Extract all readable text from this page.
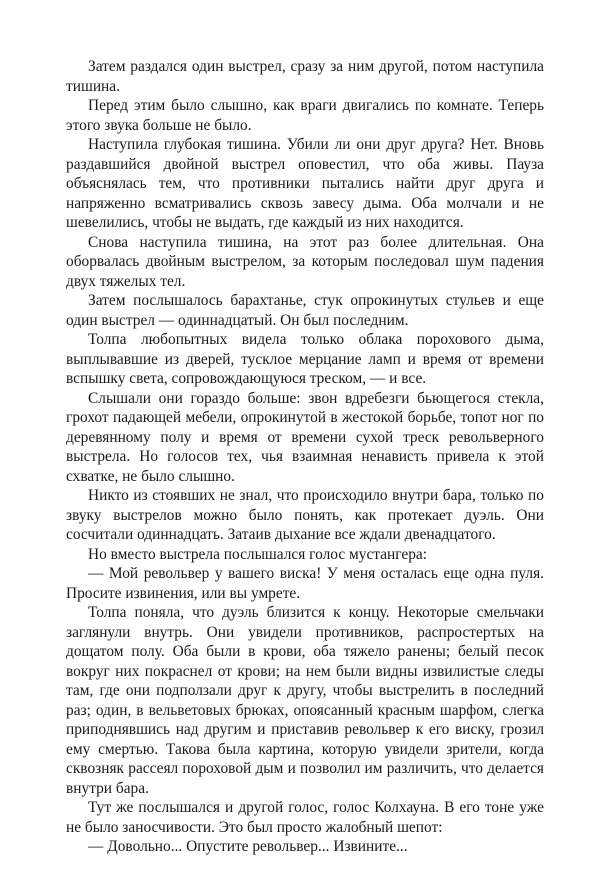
Затем раздался один выстрел, сразу за ним другой, потом наступила тишина.

Перед этим было слышно, как враги двигались по комнате. Теперь этого звука больше не было.

Наступила глубокая тишина. Убили ли они друг друга? Нет. Вновь раздавшийся двойной выстрел оповестил, что оба живы. Пауза объяснялась тем, что противники пытались найти друг друга и напряженно всматривались сквозь завесу дыма. Оба молчали и не шевелились, чтобы не выдать, где каждый из них находится.

Снова наступила тишина, на этот раз более длительная. Она оборвалась двойным выстрелом, за которым последовал шум падения двух тяжелых тел.

Затем послышалось барахтанье, стук опрокинутых стульев и еще один выстрел — одиннадцатый. Он был последним.

Толпа любопытных видела только облака порохового дыма, выплывавшие из дверей, тусклое мерцание ламп и время от времени вспышку света, сопровождающуюся треском, — и все.

Слышали они гораздо больше: звон вдребезги бьющегося стекла, грохот падающей мебели, опрокинутой в жестокой борьбе, топот ног по деревянному полу и время от времени сухой треск револьверного выстрела. Но голосов тех, чья взаимная ненависть привела к этой схватке, не было слышно.

Никто из стоявших не знал, что происходило внутри бара, только по звуку выстрелов можно было понять, как протекает дуэль. Они сосчитали одиннадцать. Затаив дыхание все ждали двенадцатого.

Но вместо выстрела послышался голос мустангера:

— Мой револьвер у вашего виска! У меня осталась еще одна пуля. Просите извинения, или вы умрете.

Толпа поняла, что дуэль близится к концу. Некоторые смельчаки заглянули внутрь. Они увидели противников, распростертых на дощатом полу. Оба были в крови, оба тяжело ранены; белый песок вокруг них покраснел от крови; на нем были видны извилистые следы там, где они подползали друг к другу, чтобы выстрелить в последний раз; один, в вельветовых брюках, опоясанный красным шарфом, слегка приподнявшись над другим и приставив револьвер к его виску, грозил ему смертью. Такова была картина, которую увидели зрители, когда сквозняк рассеял пороховой дым и позволил им различить, что делается внутри бара.

Тут же послышался и другой голос, голос Колхауна. В его тоне уже не было заносчивости. Это был просто жалобный шепот:

— Довольно... Опустите револьвер... Извините...
